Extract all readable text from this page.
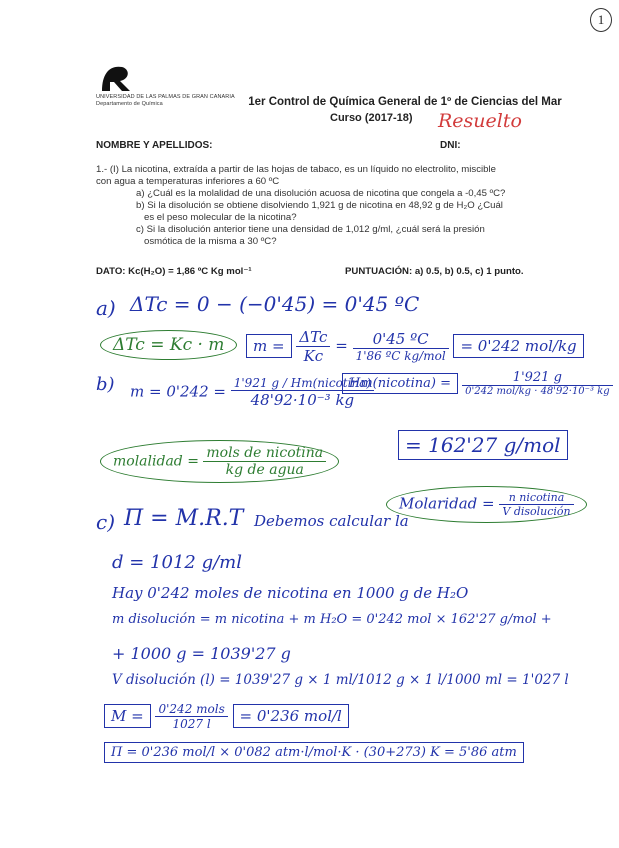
1
UNIVERSIDAD DE LAS PALMAS DE GRAN CANARIA
Departamento de Química	1er Control de Química General de 1º de Ciencias del Mar
Curso (2017-18) Resuelto
NOMBRE Y APELLIDOS:	DNI:
1.- (I) La nicotina, extraída a partir de las hojas de tabaco, es un líquido no electrolito, miscible
con agua a temperaturas inferiores a 60 ºC
a) ¿Cuál es la molalidad de una disolución acuosa de nicotina que congela a -0,45 ºC?
b) Si la disolución se obtiene disolviendo 1,921 g de nicotina en 48,92 g de H₂O ¿Cuál
es el peso molecular de la nicotina?
c) Si la disolución anterior tiene una densidad de 1,012 g/ml, ¿cuál será la presión
osmótica de la misma a 30 ºC?
DATO: Kc(H₂O) = 1,86 ºC Kg mol⁻¹	PUNTUACIÓN: a) 0.5, b) 0.5, c) 1 punto.
a) ΔTc = 0 − (−0'45) = 0'45 ºC
ΔTc = Kc · m	$m = \frac{\text{ΔTc}}{Kc} = \frac{\text{0'45 ºC}}{\text{1'86 ºC kg/mol}} = 0'242$ mol/kg
b) $m = 0'242 = \frac{\text{1'921 g / Hm(nicotina)}}{\text{48'92·10⁻³ kg}}$
Hm(nicotina) = $\frac{1'921 g}{\text{0'242 mol/kg · 48'92·10⁻³ kg}}$
= 162'27 g/mol
molalidad = $\frac{\text{mols de nicotina}}{\text{kg de agua}}$
c) Π = M.R.T Debemos calcular la
Molaridad = $\frac{\text{n nicotina}}{\text{V disolución}}$
d = 1012 g/ml
Hay 0'242 moles de nicotina en 1000 g de H₂O
m disolución = m nicotina + m H₂O = 0'242 mol × 162'27 g/mol +
+ 1000 g = 1039'27 g
V disolución (l) = 1039'27 g × 1 ml/1012 g × 1 l/1000 ml = 1'027 l
$M = \frac{\text{0'242 mols}}{1027 l} = 0'236$ mol/l
Π = 0'236 mol/l × 0'082 atm·l/mol·K · (30+273) K = 5'86 atm
